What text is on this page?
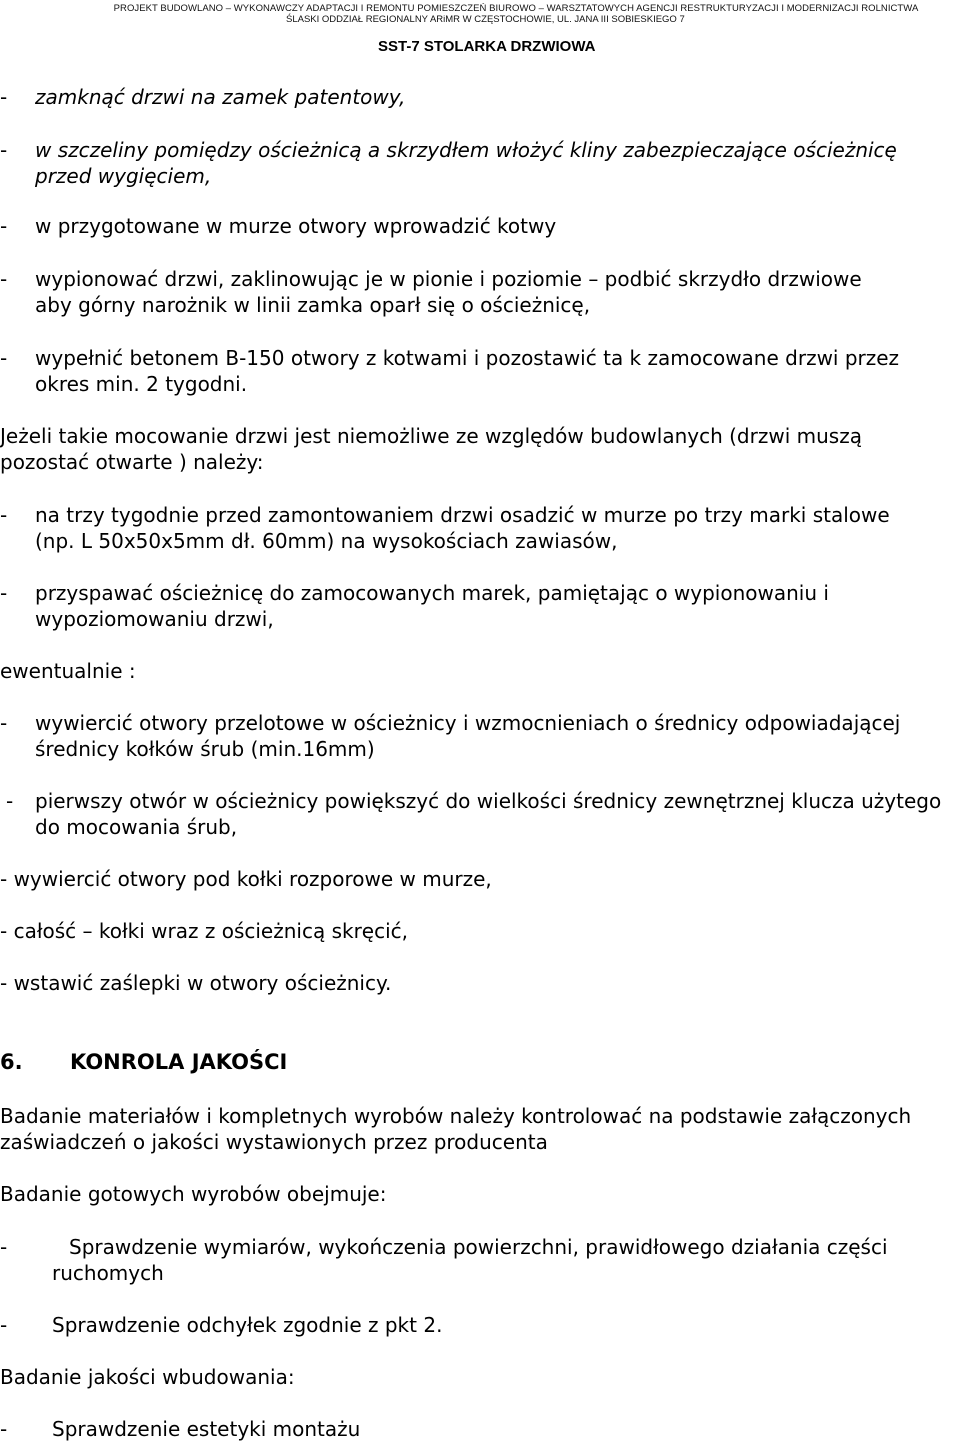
PROJEKT BUDOWLANO – WYKONAWCZY ADAPTACJI I REMONTU POMIESZCZEŃ BIUROWO – WARSZTATOWYCH AGENCJI RESTRUKTURYZACJI I MODERNIZACJI ROLNICTWA
ŚLASKI ODDZIAŁ REGIONALNY ARiMR W CZĘSTOCHOWIE, UL. JANA III SOBIESKIEGO 7
SST-7 STOLARKA DRZWIOWA
- zamknąć drzwi na zamek patentowy,
- w szczeliny pomiędzy ościeżnicą a skrzydłem włożyć kliny zabezpieczające ościeżnicę
przed wygięciem,
- w przygotowane w murze otwory wprowadzić kotwy
- wypionować drzwi, zaklinowując je w pionie i poziomie – podbić skrzydło drzwiowe
aby górny narożnik w linii zamka oparł się o ościeżnicę,
- wypełnić betonem B-150 otwory z kotwami i pozostawić ta k zamocowane drzwi przez
okres min. 2 tygodni.
Jeżeli takie mocowanie drzwi jest niemożliwe ze względów budowlanych (drzwi muszą
pozostać otwarte ) należy:
- na trzy tygodnie przed zamontowaniem drzwi osadzić w murze po trzy marki stalowe
(np. L 50x50x5mm dł. 60mm) na wysokościach zawiasów,
- przyspawać ościeżnicę do zamocowanych marek, pamiętając o wypionowaniu i
wypoziomowaniu drzwi,
ewentualnie :
- wywiercić otwory przelotowe w ościeżnicy i wzmocnieniach o średnicy odpowiadającej
średnicy kołków śrub (min.16mm)
- pierwszy otwór w ościeżnicy powiększyć do wielkości średnicy zewnętrznej klucza użytego
do mocowania śrub,
- wywiercić otwory pod kołki rozporowe w murze,
- całość – kołki wraz z ościeżnicą skręcić,
- wstawić zaślepki w otwory ościeżnicy.
6. KONROLA JAKOŚCI
Badanie materiałów i kompletnych wyrobów należy kontrolować na podstawie załączonych
zaświadczeń o jakości wystawionych przez producenta
Badanie gotowych wyrobów obejmuje:
-	Sprawdzenie wymiarów, wykończenia powierzchni, prawidłowego działania części
ruchomych
- Sprawdzenie odchyłek zgodnie z pkt 2.
Badanie jakości wbudowania:
- Sprawdzenie estetyki montażu
